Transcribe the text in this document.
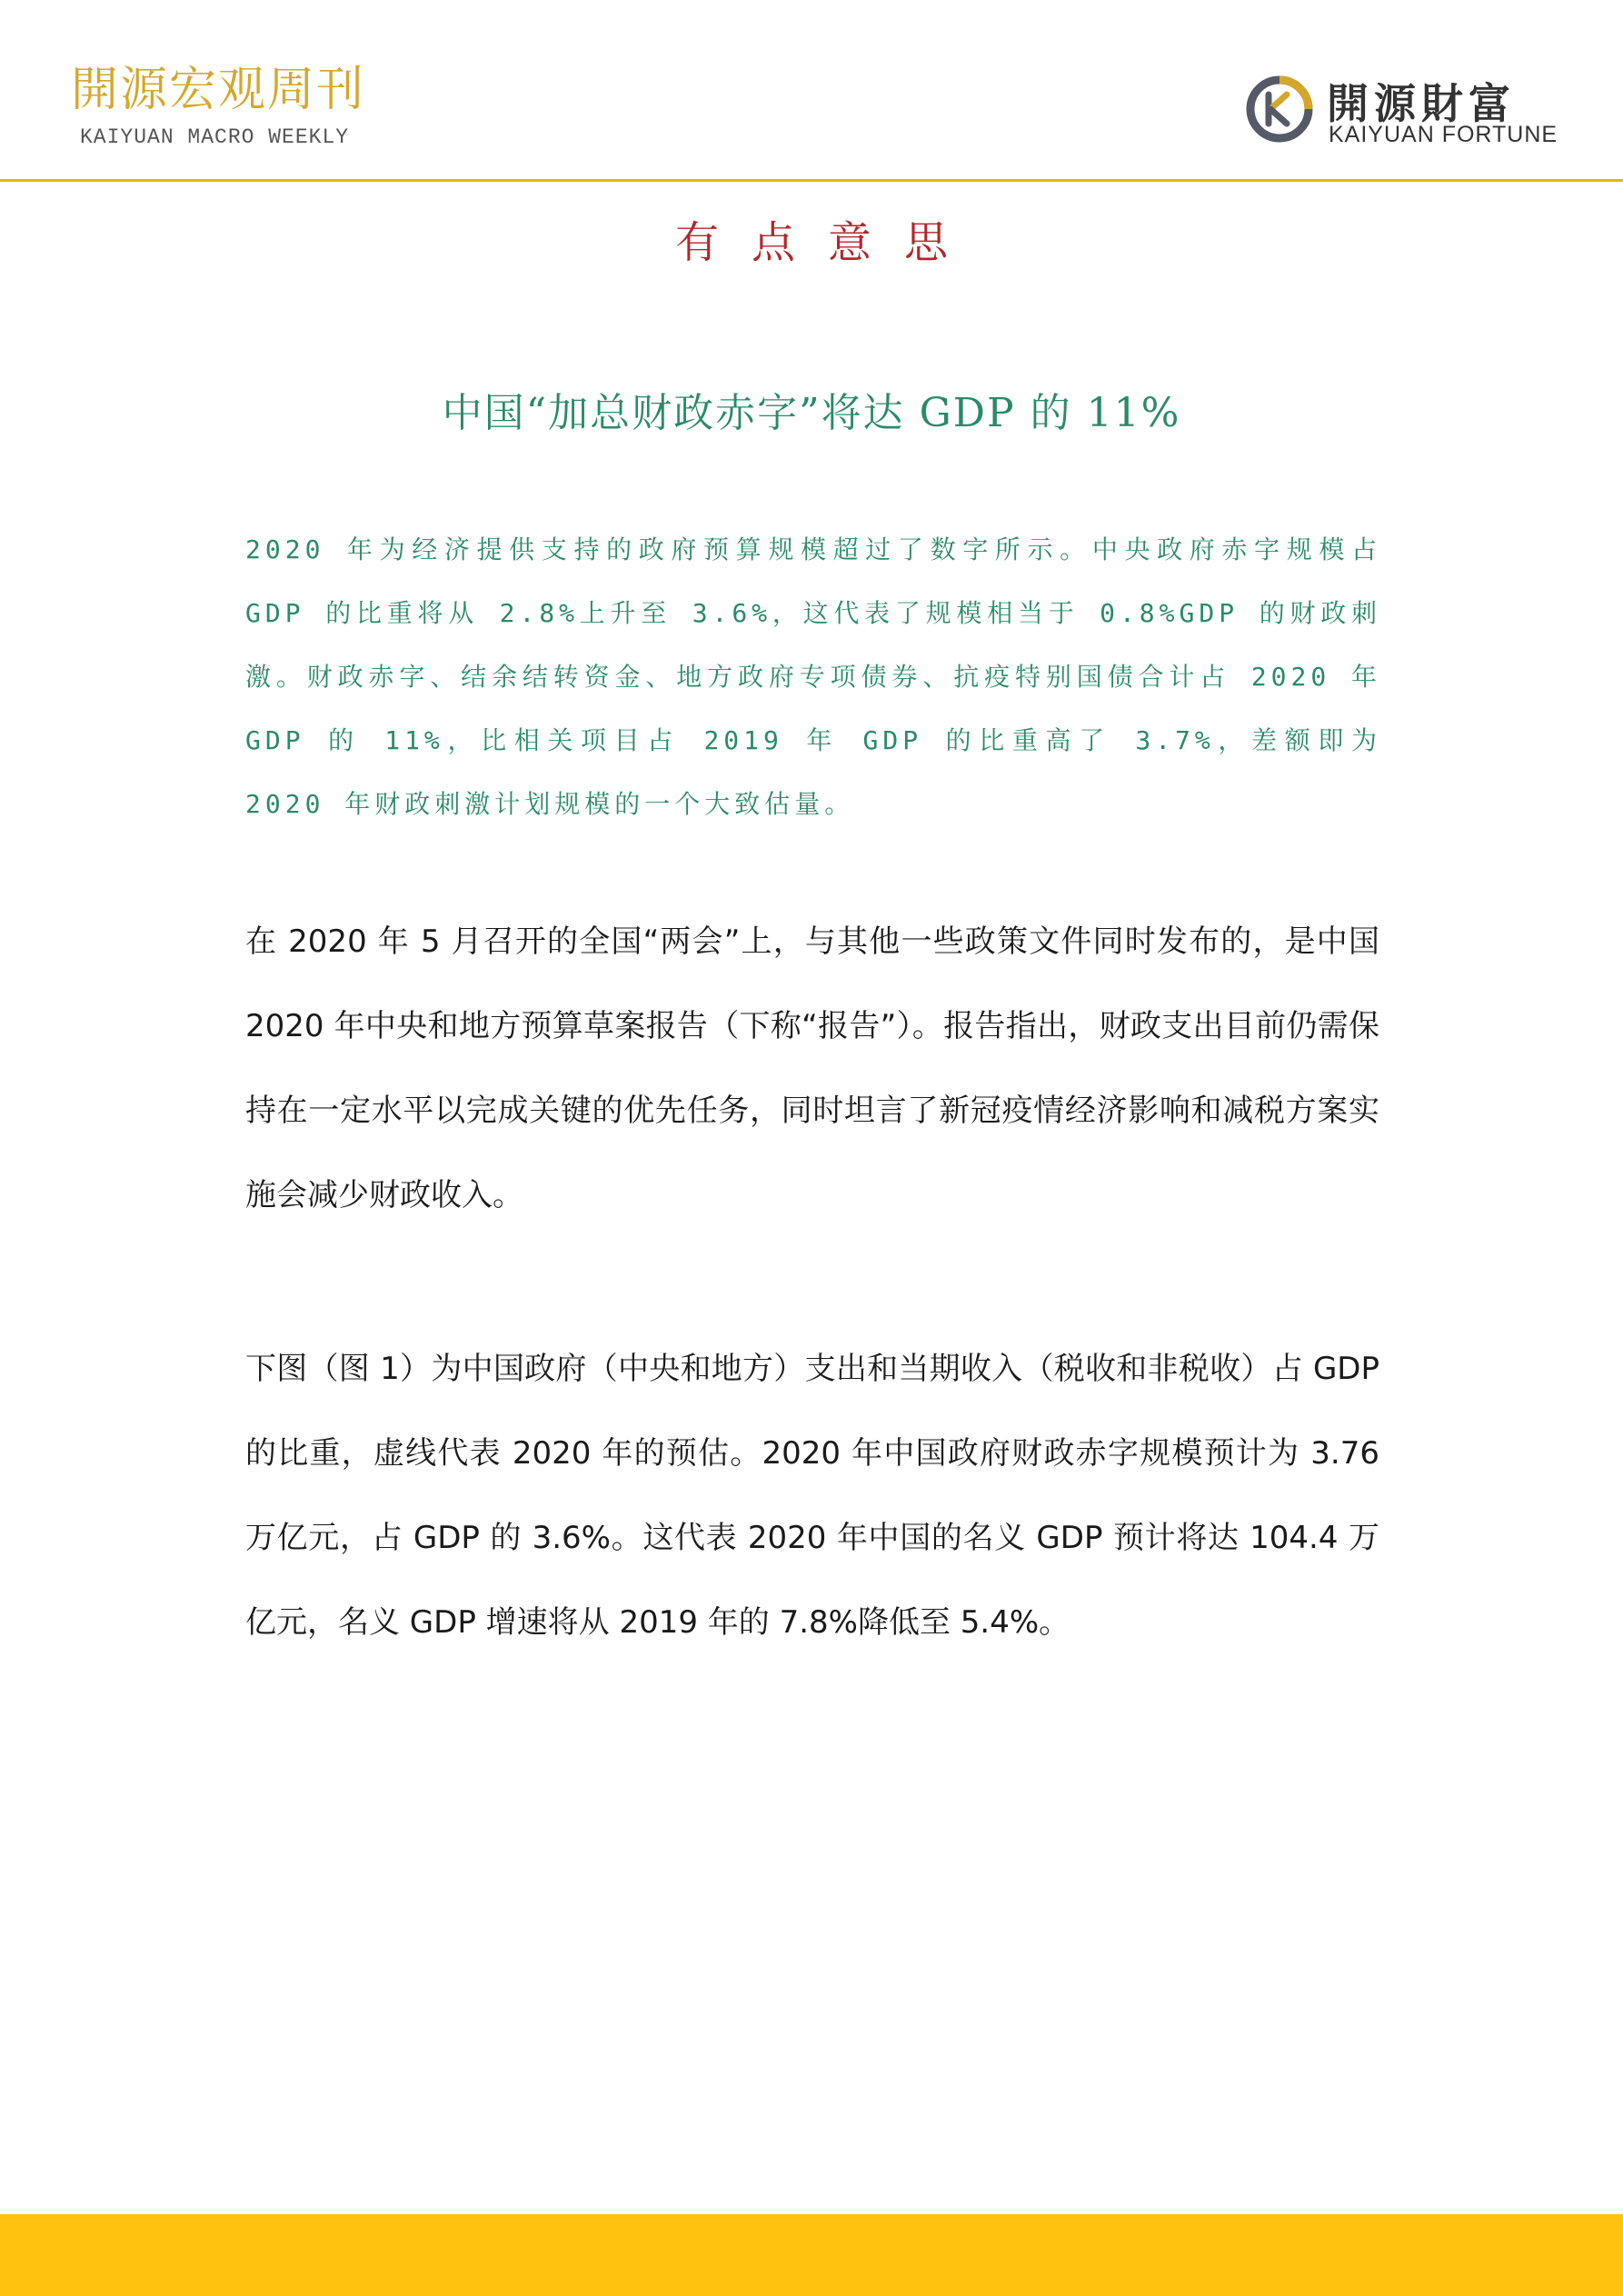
開源宏观周刊
KAIYUAN MACRO WEEKLY
開源財富
KAIYUAN FORTUNE
有点意思
中国“加总财政赤字”将达 GDP 的 11%
2020 年为经济提供支持的政府预算规模超过了数字所示。中央政府赤字规模占 GDP 的比重将从 2.8%上升至 3.6%，这代表了规模相当于 0.8%GDP 的财政刺激。财政赤字、结余结转资金、地方政府专项债券、抗疫特别国债合计占 2020 年 GDP 的 11%，比相关项目占 2019 年 GDP 的比重高了 3.7%，差额即为 2020 年财政刺激计划规模的一个大致估量。
在 2020 年 5 月召开的全国“两会”上，与其他一些政策文件同时发布的，是中国 2020 年中央和地方预算草案报告（下称“报告”）。报告指出，财政支出目前仍需保持在一定水平以完成关键的优先任务，同时坦言了新冠疫情经济影响和减税方案实施会减少财政收入。
下图（图 1）为中国政府（中央和地方）支出和当期收入（税收和非税收）占 GDP 的比重，虚线代表 2020 年的预估。2020 年中国政府财政赤字规模预计为 3.76 万亿元，占 GDP 的 3.6%。这代表 2020 年中国的名义 GDP 预计将达 104.4 万亿元，名义 GDP 增速将从 2019 年的 7.8%降低至 5.4%。
